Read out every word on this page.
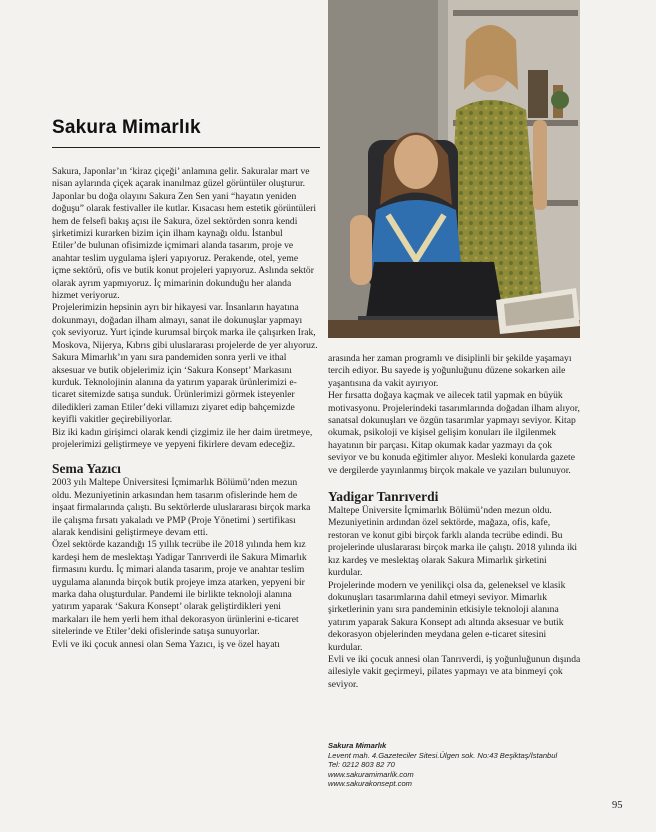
Sakura Mimarlık

Sakura, Japonlar’ın ‘kiraz çiçeği’ anlamına gelir. Sakuralar mart ve nisan aylarında çiçek açarak inanılmaz güzel görüntüler oluşturur. Japonlar bu doğa olayını Sakura Zen Sen yani “hayatın yeniden doğuşu” olarak festivaller ile kutlar. Kısacası hem estetik görüntüleri hem de felsefi bakış açısı ile Sakura, özel sektörden sonra kendi şirketimizi kurarken bizim için ilham kaynağı oldu. İstanbul Etiler’de bulunan ofisimizde içmimari alanda tasarım, proje ve anahtar teslim uygulama işleri yapıyoruz. Perakende, otel, yeme içme sektörü, ofis ve butik konut projeleri yapıyoruz. Aslında sektör olarak ayrım yapmıyoruz. İç mimarinin dokunduğu her alanda hizmet veriyoruz.

Projelerimizin hepsinin ayrı bir hikayesi var. İnsanların hayatına dokunmayı, doğadan ilham almayı, sanat ile dokunuşlar yapmayı çok seviyoruz. Yurt içinde kurumsal birçok marka ile çalışırken Irak, Moskova, Nijerya, Kıbrıs gibi uluslararası projelerde de yer alıyoruz.

Sakura Mimarlık’ın yanı sıra pandemiden sonra yerli ve ithal aksesuar ve butik objelerimiz için ‘Sakura Konsept’ Markasını kurduk. Teknolojinin alanına da yatırım yaparak ürünlerimizi e-ticaret sitemizde satışa sunduk. Ürünlerimizi görmek isteyenler diledikleri zaman Etiler’deki villamızı ziyaret edip bahçemizde keyifli vakitler geçirebiliyorlar.

Biz iki kadın girişimci olarak kendi çizgimiz ile her daim üretmeye, projelerimizi geliştirmeye ve yepyeni fikirlere devam edeceğiz.

Sema Yazıcı

2003 yılı Maltepe Üniversitesi İçmimarlık Bölümü’nden mezun oldu. Mezuniyetinin arkasından hem tasarım ofislerinde hem de inşaat firmalarında çalıştı. Bu sektörlerde uluslararası birçok marka ile çalışma fırsatı yakaladı ve PMP (Proje Yönetimi ) sertifikası alarak kendisini geliştirmeye devam etti.

Özel sektörde kazandığı 15 yıllık tecrübe ile 2018 yılında hem kız kardeşi hem de meslektaşı Yadigar Tanrıverdi ile Sakura Mimarlık firmasını kurdu. İç mimari alanda tasarım, proje ve anahtar teslim uygulama alanında birçok butik projeye imza atarken, yepyeni bir marka daha oluşturdular. Pandemi ile birlikte teknoloji alanına yatırım yaparak ‘Sakura Konsept’ olarak geliştirdikleri yeni markaları ile hem yerli hem ithal dekorasyon ürünlerini e-ticaret sitelerinde ve Etiler’deki ofislerinde satışa sunuyorlar.

Evli ve iki çocuk annesi olan Sema Yazıcı, iş ve özel hayatı

arasında her zaman programlı ve disiplinli bir şekilde yaşamayı tercih ediyor. Bu sayede iş yoğunluğunu düzene sokarken aile yaşantısına da vakit ayırıyor.

Her fırsatta doğaya kaçmak ve ailecek tatil yapmak en büyük motivasyonu. Projelerindeki tasarımlarında doğadan ilham alıyor, sanatsal dokunuşları ve özgün tasarımlar yapmayı seviyor. Kitap okumak, psikoloji ve kişisel gelişim konuları ile ilgilenmek hayatının bir parçası. Kitap okumak kadar yazmayı da çok seviyor ve bu konuda eğitimler alıyor. Mesleki konularda gazete ve dergilerde yayınlanmış birçok makale ve yazıları bulunuyor.

Yadigar Tanrıverdi

Maltepe Üniversite İçmimarlık Bölümü’nden mezun oldu. Mezuniyetinin ardından özel sektörde, mağaza, ofis, kafe, restoran ve konut gibi birçok farklı alanda tecrübe edindi. Bu projelerinde uluslararası birçok marka ile çalıştı. 2018 yılında iki kız kardeş ve meslektaş olarak Sakura Mimarlık şirketini kurdular.

Projelerinde modern ve yenilikçi olsa da, geleneksel ve klasik dokunuşları tasarımlarına dahil etmeyi seviyor. Mimarlık şirketlerinin yanı sıra pandeminin etkisiyle teknoloji alanına yatırım yaparak Sakura Konsept adı altında aksesuar ve butik dekorasyon objelerinden meydana gelen e-ticaret sitesini kurdular.

Evli ve iki çocuk annesi olan Tanrıverdi, iş yoğunluğunun dışında ailesiyle vakit geçirmeyi, pilates yapmayı ve ata binmeyi çok seviyor.

Sakura Mimarlık
Levent mah. 4.Gazeteciler Sitesi.Ülgen sok. No:43 Beşiktaş/İstanbul
Tel: 0212 803 82 70
www.sakuramimarlik.com
www.sakurakonsept.com
95
